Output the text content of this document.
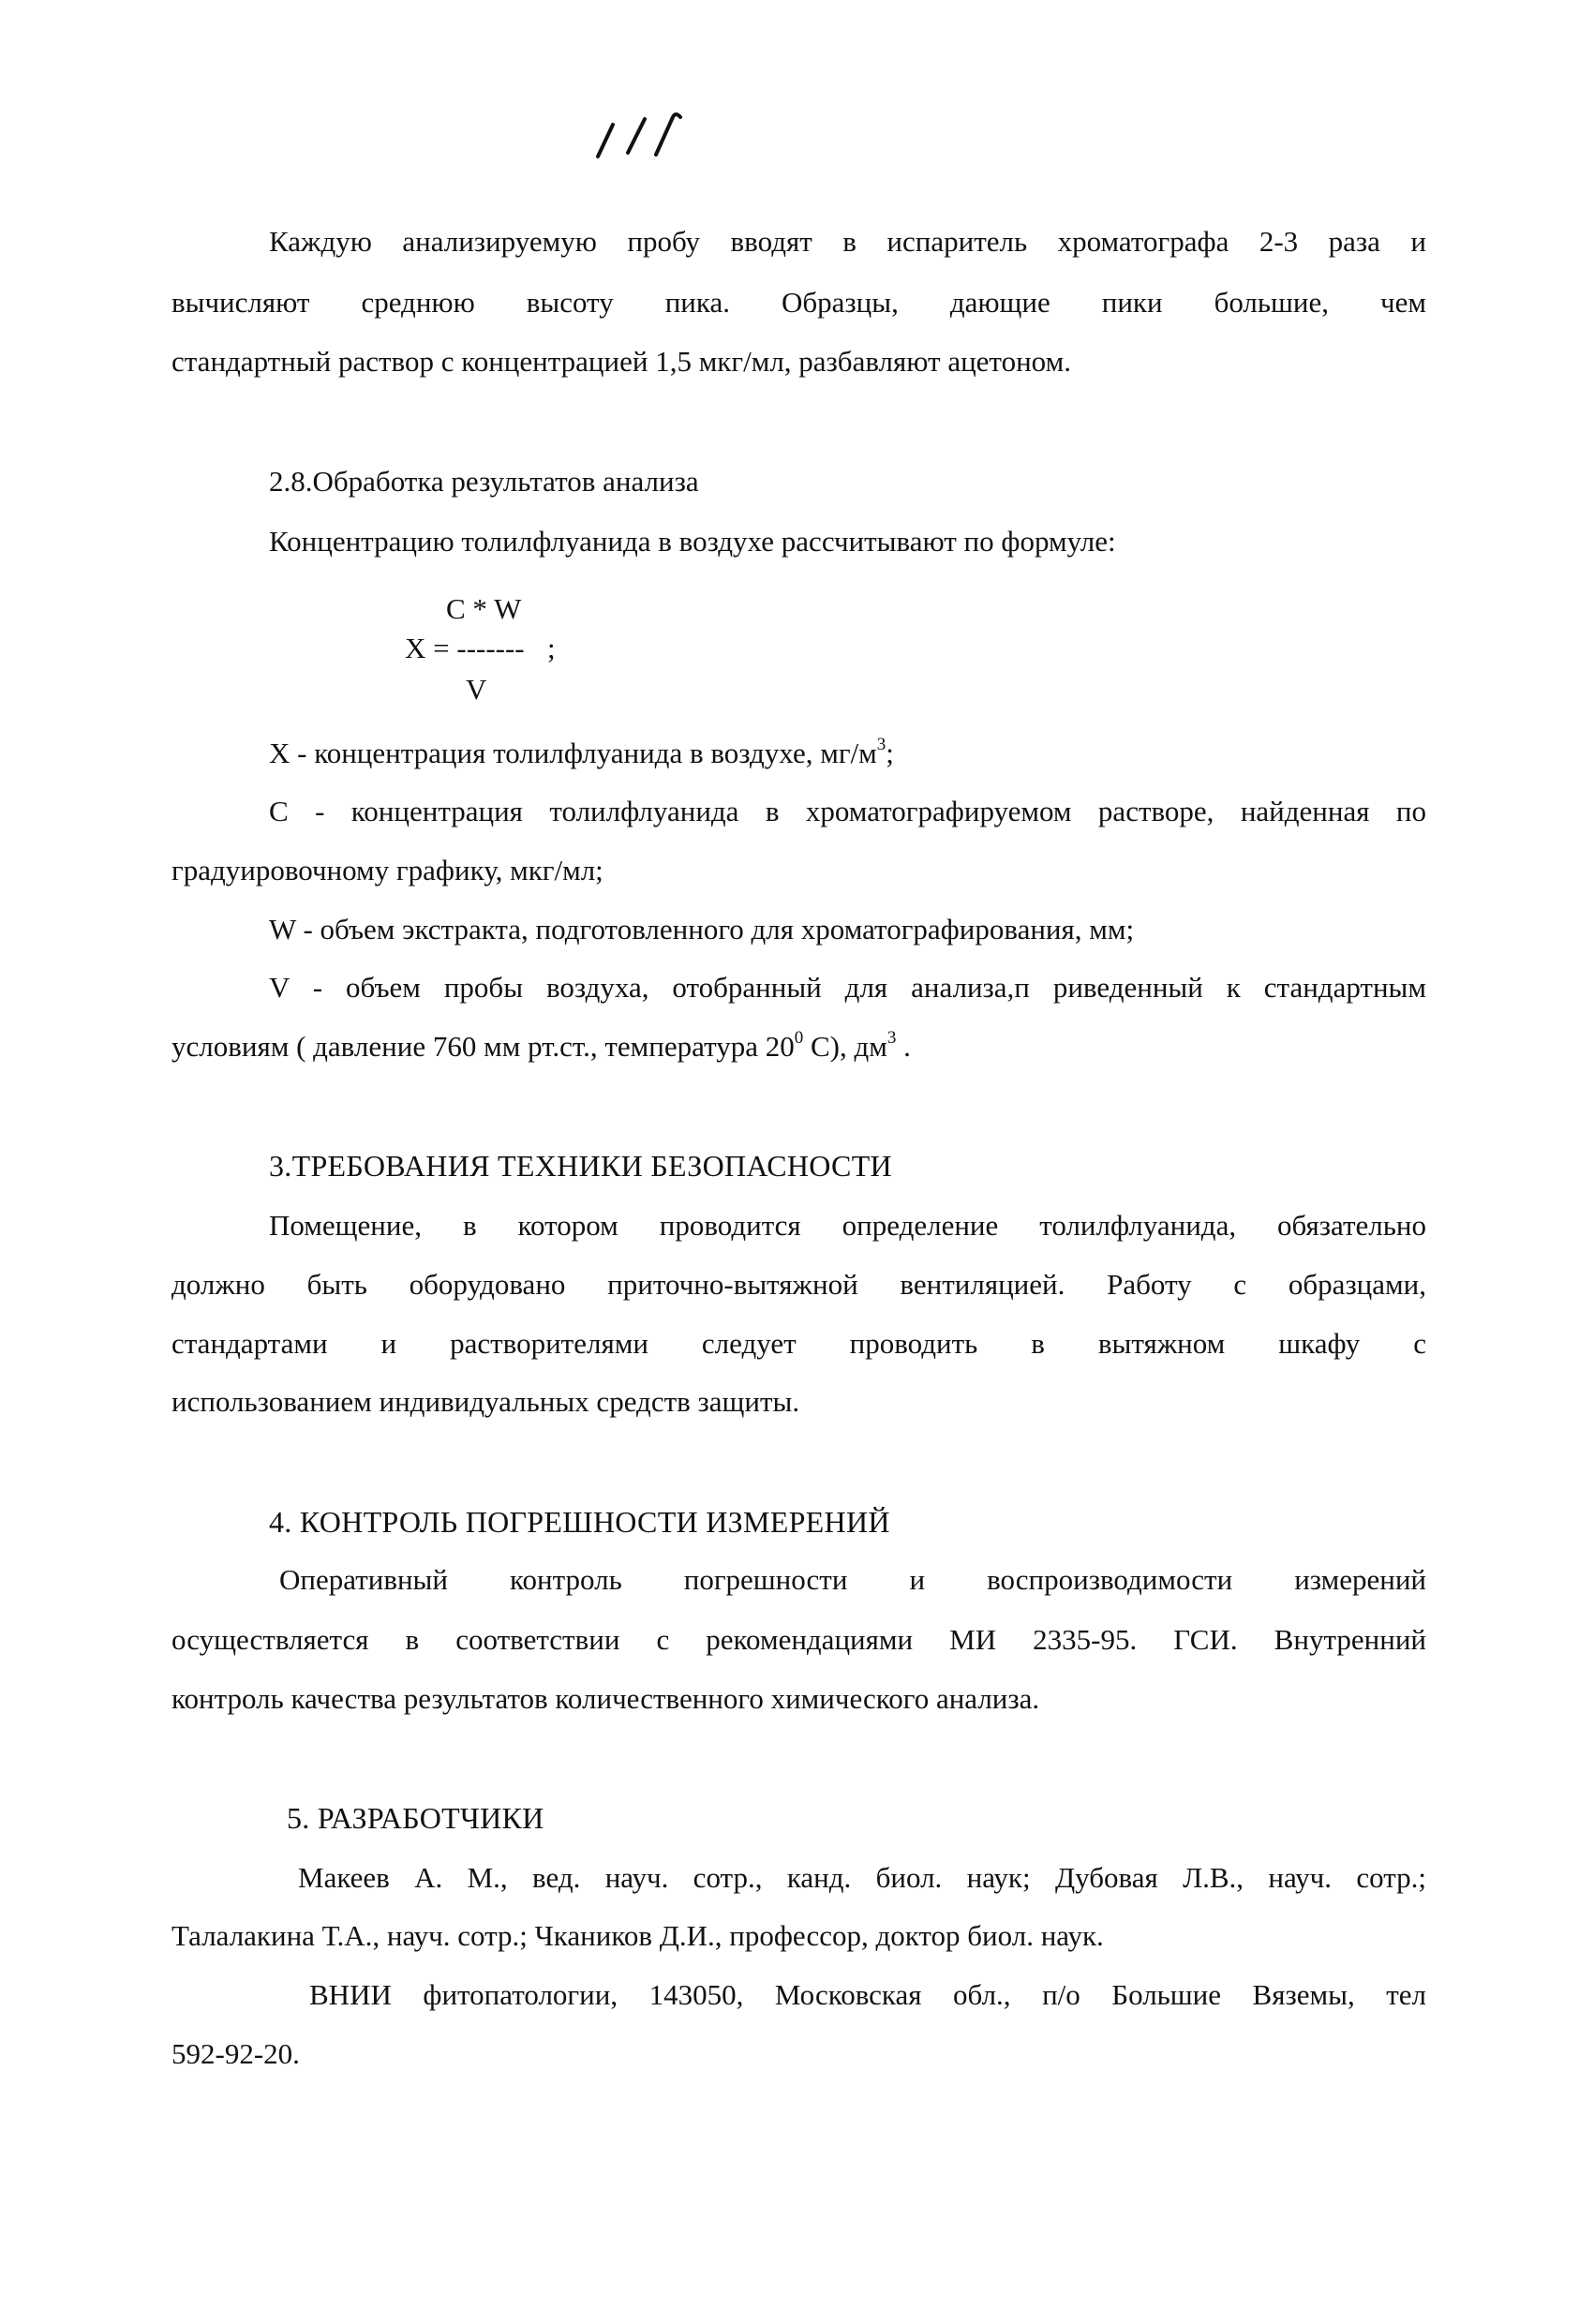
Каждую анализируемую пробу вводят в испаритель хроматографа 2-3 раза и
вычисляют среднюю высоту пика. Образцы, дающие пики большие, чем
стандартный раствор с концентрацией 1,5 мкг/мл, разбавляют ацетоном.
2.8.Обработка результатов анализа
Концентрацию толилфлуанида в воздухе рассчитывают по формуле:
C * W
X = ------- ;
V
X - концентрация толилфлуанида в воздухе, $мг/м^3$;
C - концентрация толилфлуанида в хроматографируемом растворе, найденная по
градуировочному графику, мкг/мл;
W - объем экстракта, подготовленного для хроматографирования, мм;
V - объем пробы воздуха, отобранный для анализа,п риведенный к стандартным
условиям ( давление 760 мм рт.ст., температура $20^0$ C), $дм^3$ .
3.ТРЕБОВАНИЯ ТЕХНИКИ БЕЗОПАСНОСТИ
Помещение, в котором проводится определение толилфлуанида, обязательно
должно быть оборудовано приточно-вытяжной вентиляцией. Работу с образцами,
стандартами и растворителями следует проводить в вытяжном шкафу с
использованием индивидуальных средств защиты.
4. КОНТРОЛЬ ПОГРЕШНОСТИ ИЗМЕРЕНИЙ
Оперативный контроль погрешности и воспроизводимости измерений
осуществляется в соответствии с рекомендациями МИ 2335-95. ГСИ. Внутренний
контроль качества результатов количественного химического анализа.
5. РАЗРАБОТЧИКИ
Макеев А. М., вед. науч. сотр., канд. биол. наук; Дубовая Л.В., науч. сотр.;
Талалакина Т.А., науч. сотр.; Чкаников Д.И., профессор, доктор биол. наук.
ВНИИ фитопатологии, 143050, Московская обл., п/о Большие Вяземы, тел
592-92-20.
